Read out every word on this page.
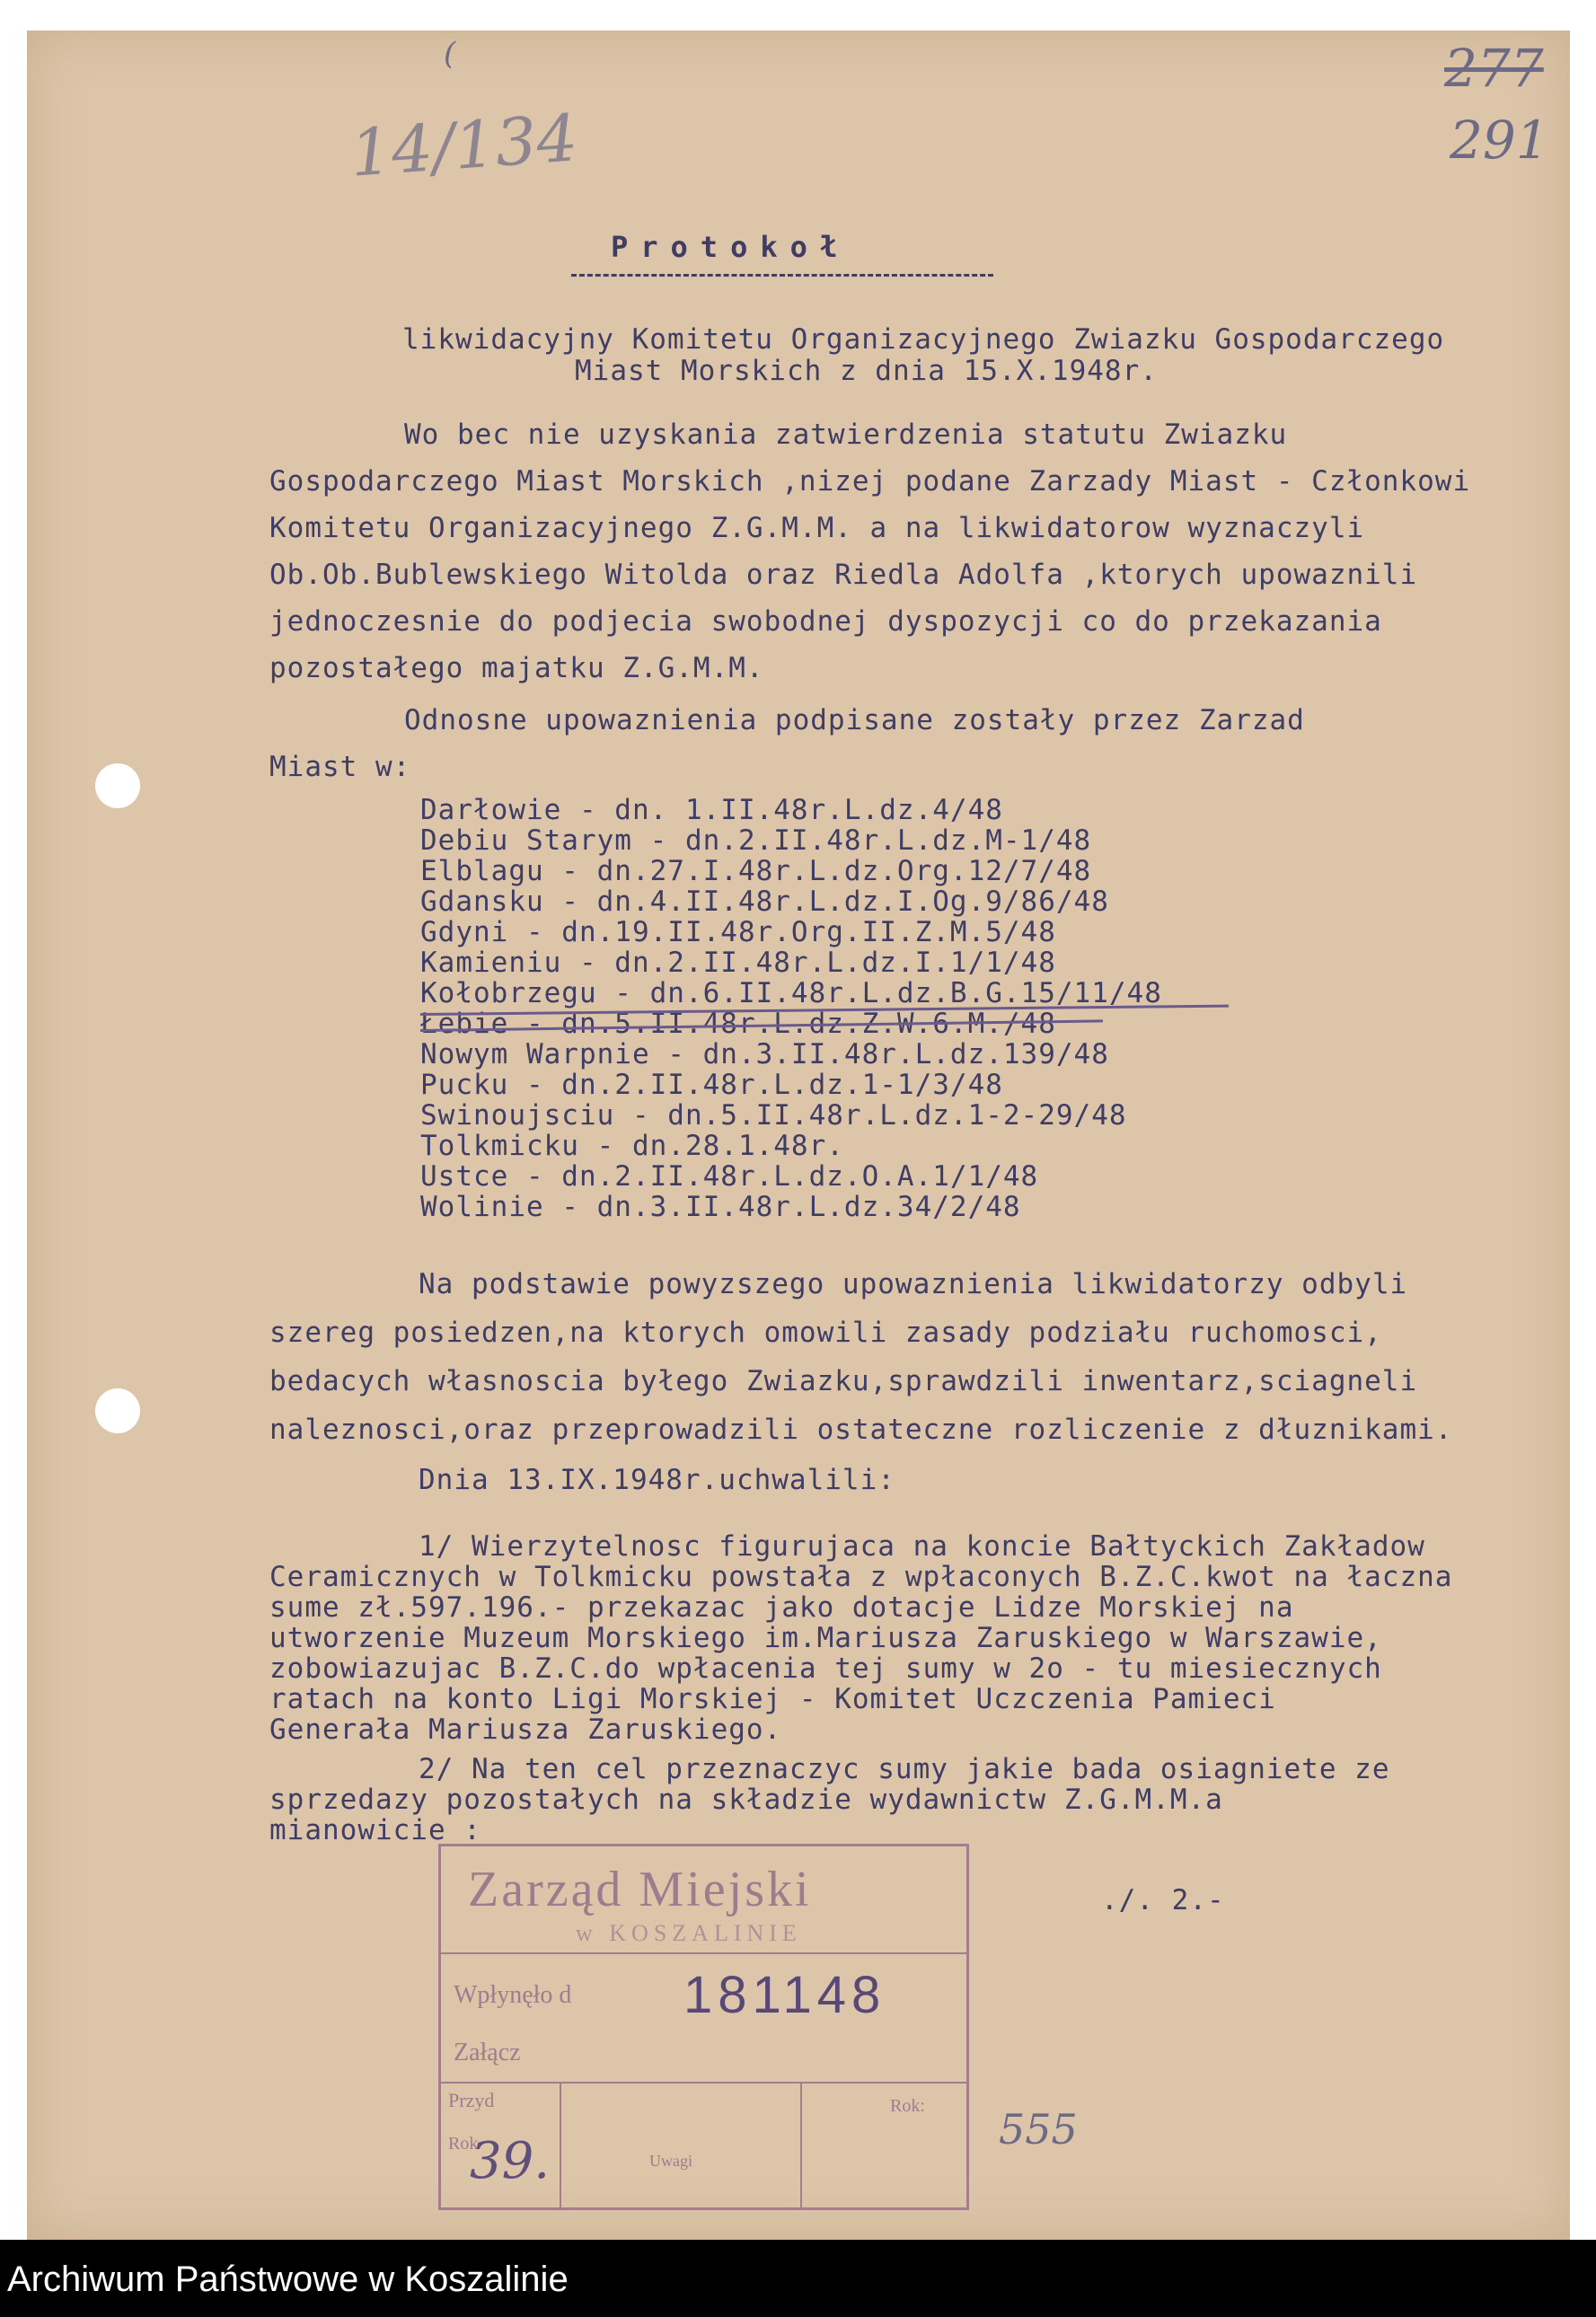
14/134
(	277
291
Protokoł
likwidacyjny Komitetu Organizacyjnego Zwiazku Gospodarczego
Miast Morskich z dnia 15.X.1948r.
Wo bec nie uzyskania zatwierdzenia statutu Zwiazku
Gospodarczego Miast Morskich ,nizej podane Zarzady Miast - Członkowi
Komitetu Organizacyjnego Z.G.M.M. a na likwidatorow wyznaczyli
Ob.Ob.Bublewskiego Witolda oraz Riedla Adolfa ,ktorych upowaznili
jednoczesnie do podjecia swobodnej dyspozycji co do przekazania
pozostałego majatku Z.G.M.M.
Odnosne upowaznienia podpisane zostały przez Zarzad
Miast w:
Darłowie - dn. 1.II.48r.L.dz.4/48
Debiu Starym - dn.2.II.48r.L.dz.M-1/48
Elblagu - dn.27.I.48r.L.dz.Org.12/7/48
Gdansku - dn.4.II.48r.L.dz.I.Og.9/86/48
Gdyni - dn.19.II.48r.Org.II.Z.M.5/48
Kamieniu - dn.2.II.48r.L.dz.I.1/1/48
Kołobrzegu - dn.6.II.48r.L.dz.B.G.15/11/48
Łebie - dn.5.II.48r.L.dz.Z.W.6.M./48
Nowym Warpnie - dn.3.II.48r.L.dz.139/48
Pucku - dn.2.II.48r.L.dz.1-1/3/48
Swinoujsciu - dn.5.II.48r.L.dz.1-2-29/48
Tolkmicku - dn.28.1.48r.
Ustce - dn.2.II.48r.L.dz.O.A.1/1/48
Wolinie - dn.3.II.48r.L.dz.34/2/48
Na podstawie powyzszego upowaznienia likwidatorzy odbyli
szereg posiedzen,na ktorych omowili zasady podziału ruchomosci,
bedacych własnoscia byłego Zwiazku,sprawdzili inwentarz,sciagneli
naleznosci,oraz przeprowadzili ostateczne rozliczenie z dłuznikami.
Dnia 13.IX.1948r.uchwalili:
1/ Wierzytelnosc figurujaca na koncie Bałtyckich Zakładow
Ceramicznych w Tolkmicku powstała z wpłaconych B.Z.C.kwot na łaczna
sume zł.597.196.- przekazac jako dotacje Lidze Morskiej na
utworzenie Muzeum Morskiego im.Mariusza Zaruskiego w Warszawie,
zobowiazujac B.Z.C.do wpłacenia tej sumy w 2o - tu miesiecznych
ratach na konto Ligi Morskiej - Komitet Uczczenia Pamieci
Generała Mariusza Zaruskiego.
2/ Na ten cel przeznaczyc sumy jakie bada osiagniete ze
sprzedazy pozostałych na składzie wydawnictw Z.G.M.M.a
mianowicie :
./. 2.-
Zarząd Miejski
w KOSZALINIE
Wpłynęło d 181148
Załącz
Przyd
Rok
Uwagi
Rok:
39.
555
Archiwum Państwowe w Koszalinie
